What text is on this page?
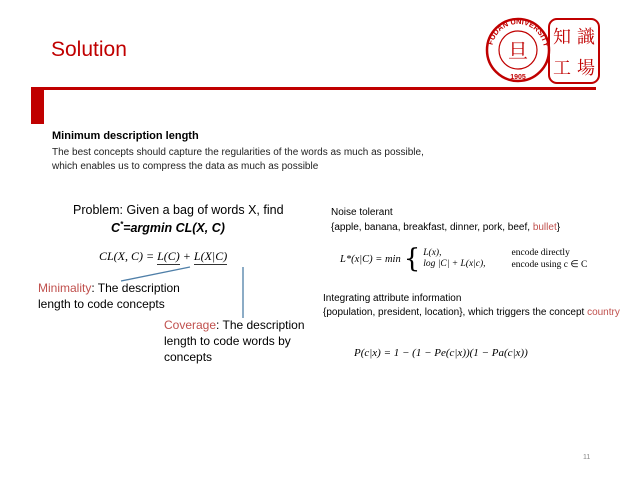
Solution	FUDAN UNIVERSITY
旦
1905
知 識
工 場
Minimum description length
The best concepts should capture the regularities of the words as much as possible,
which enables us to compress the data as much as possible
Problem: Given a bag of words X, find
C*=argmin CL(X, C)
CL(X, C) = L(C) + L(X|C)
Minimality: The description length to code concepts
Coverage: The description length to code words by concepts
Noise tolerant
{apple, banana, breakfast, dinner, pork, beef, bullet}
L*(x|C) = min { L(x),	encode directly
log |C| + L(x|c),	encode using c ∈ C
Integrating attribute information
{population, president, location}, which triggers the concept country
P(c|x) = 1 − (1 − Pe(c|x))(1 − Pa(c|x))
11
